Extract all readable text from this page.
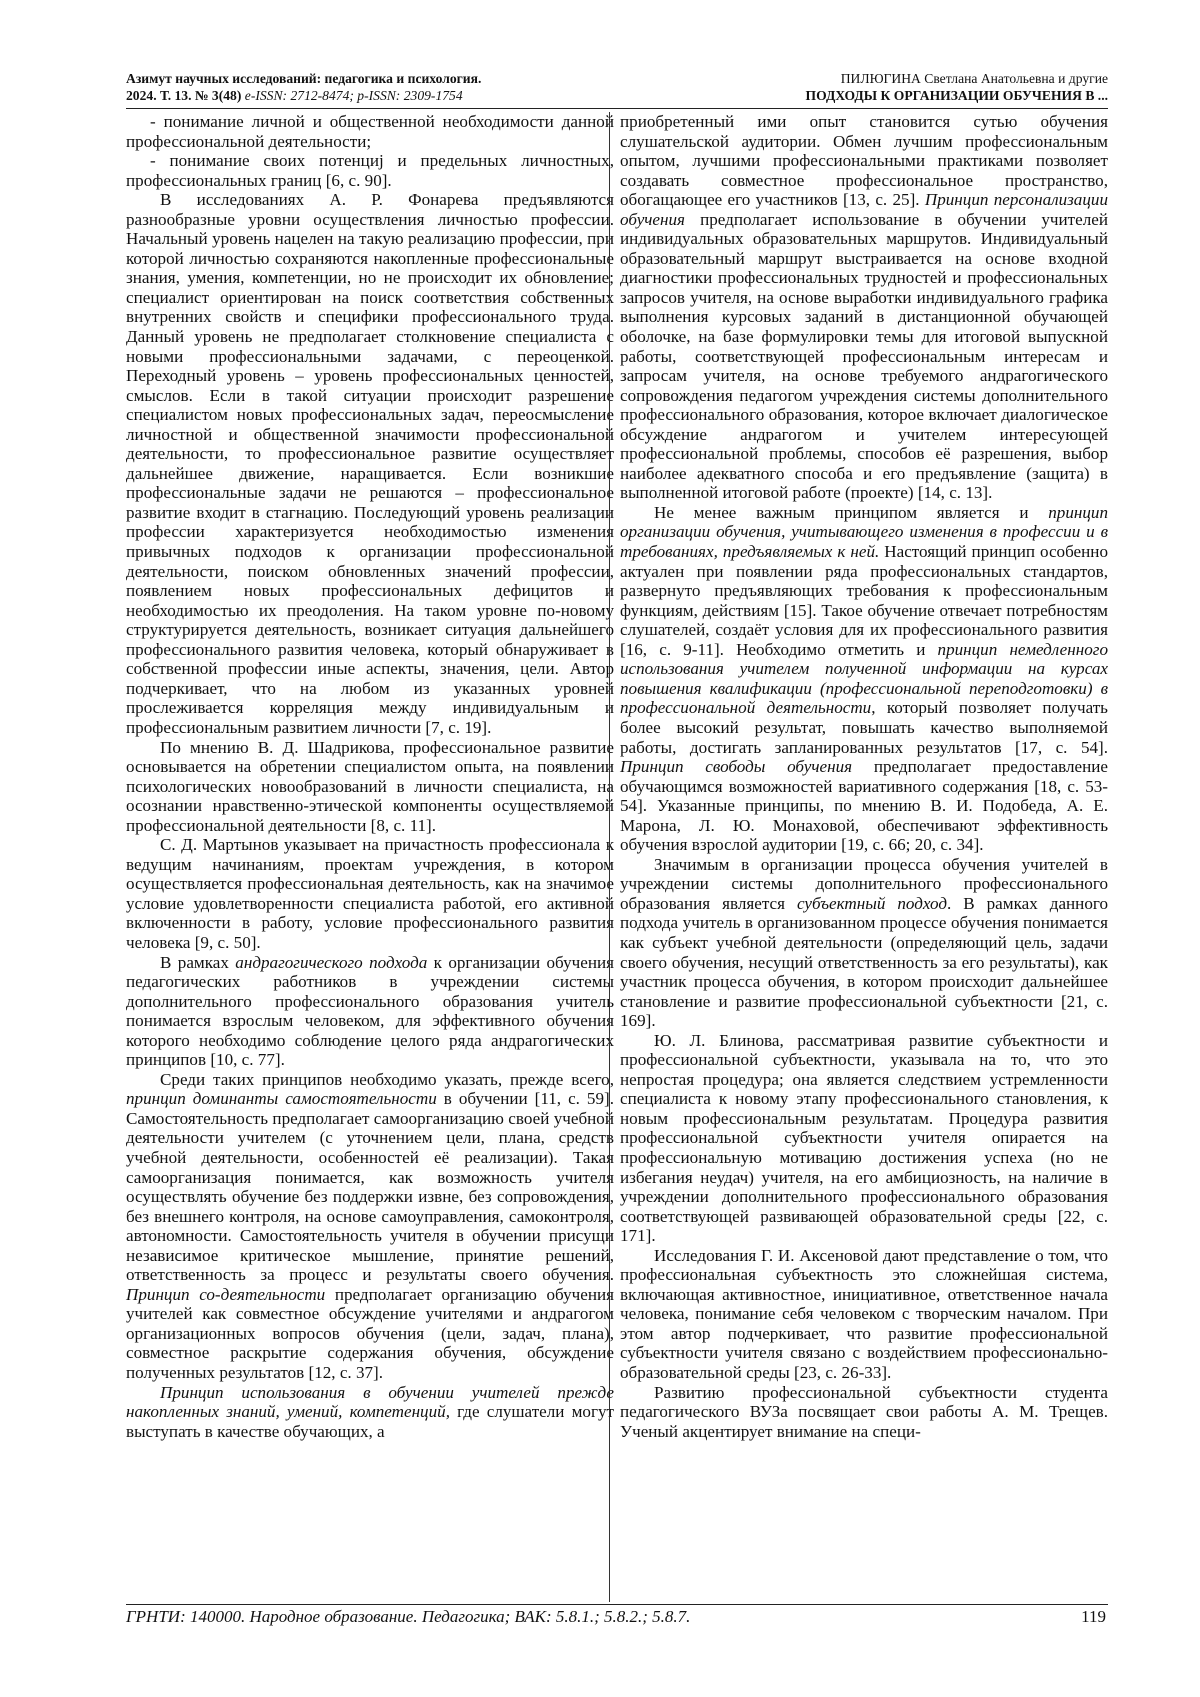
Азимут научных исследований: педагогика и психология.
2024. Т. 13. № 3(48) e-ISSN: 2712-8474; p-ISSN: 2309-1754
ПИЛЮГИНА Светлана Анатольевна и другие
ПОДХОДЫ К ОРГАНИЗАЦИИ ОБУЧЕНИЯ В ...

- понимание личной и общественной необходимости данной профессиональной деятельности;

- понимание своих потенциј и предельных личностных, профессиональных границ [6, с. 90].

В исследованиях А. Р. Фонарева предъявляются разнообразные уровни осуществления личностью профессии. Начальный уровень нацелен на такую реализацию профессии, при которой личностью сохраняются накопленные профессиональные знания, умения, компетенции, но не происходит их обновление; специалист ориентирован на поиск соответствия собственных внутренних свойств и специфики профессионального труда. Данный уровень не предполагает столкновение специалиста с новыми профессиональными задачами, с переоценкой. Переходный уровень – уровень профессиональных ценностей, смыслов. Если в такой ситуации происходит разрешение специалистом новых профессиональных задач, переосмысление личностной и общественной значимости профессиональной деятельности, то профессиональное развитие осуществляет дальнейшее движение, наращивается. Если возникшие профессиональные задачи не решаются – профессиональное развитие входит в стагнацию. Последующий уровень реализации профессии характеризуется необходимостью изменения привычных подходов к организации профессиональной деятельности, поиском обновленных значений профессии, появлением новых профессиональных дефицитов и необходимостью их преодоления. На таком уровне по-новому структурируется деятельность, возникает ситуация дальнейшего профессионального развития человека, который обнаруживает в собственной профессии иные аспекты, значения, цели. Автор подчеркивает, что на любом из указанных уровней прослеживается корреляция между индивидуальным и профессиональным развитием личности [7, с. 19].

По мнению В. Д. Шадрикова, профессиональное развитие основывается на обретении специалистом опыта, на появлении психологических новообразований в личности специалиста, на осознании нравственно-этической компоненты осуществляемой профессиональной деятельности [8, с. 11].

С. Д. Мартынов указывает на причастность профессионала к ведущим начинаниям, проектам учреждения, в котором осуществляется профессиональная деятельность, как на значимое условие удовлетворенности специалиста работой, его активной включенности в работу, условие профессионального развития человека [9, с. 50].

В рамках андрагогического подхода к организации обучения педагогических работников в учреждении системы дополнительного профессионального образования учитель понимается взрослым человеком, для эффективного обучения которого необходимо соблюдение целого ряда андрагогических принципов [10, с. 77].

Среди таких принципов необходимо указать, прежде всего, принцип доминанты самостоятельности в обучении [11, с. 59]. Самостоятельность предполагает самоорганизацию своей учебной деятельности учителем (с уточнением цели, плана, средств учебной деятельности, особенностей её реализации). Такая самоорганизация понимается, как возможность учителя осуществлять обучение без поддержки извне, без сопровождения, без внешнего контроля, на основе самоуправления, самоконтроля, автономности. Самостоятельность учителя в обучении присущи независимое критическое мышление, принятие решений, ответственность за процесс и результаты своего обучения. Принцип со-деятельности предполагает организацию обучения учителей как совместное обсуждение учителями и андрагогом организационных вопросов обучения (цели, задач, плана), совместное раскрытие содержания обучения, обсуждение полученных результатов [12, с. 37].

Принцип использования в обучении учителей прежде накопленных знаний, умений, компетенций, где слушатели могут выступать в качестве обучающих, а

приобретенный ими опыт становится сутью обучения слушательской аудитории. Обмен лучшим профессиональным опытом, лучшими профессиональными практиками позволяет создавать совместное профессиональное пространство, обогащающее его участников [13, с. 25]. Принцип персонализации обучения предполагает использование в обучении учителей индивидуальных образовательных маршрутов. Индивидуальный образовательный маршрут выстраивается на основе входной диагностики профессиональных трудностей и профессиональных запросов учителя, на основе выработки индивидуального графика выполнения курсовых заданий в дистанционной обучающей оболочке, на базе формулировки темы для итоговой выпускной работы, соответствующей профессиональным интересам и запросам учителя, на основе требуемого андрагогического сопровождения педагогом учреждения системы дополнительного профессионального образования, которое включает диалогическое обсуждение андрагогом и учителем интересующей профессиональной проблемы, способов её разрешения, выбор наиболее адекватного способа и его предъявление (защита) в выполненной итоговой работе (проекте) [14, с. 13].

Не менее важным принципом является и принцип организации обучения, учитывающего изменения в профессии и в требованиях, предъявляемых к ней. Настоящий принцип особенно актуален при появлении ряда профессиональных стандартов, развернуто предъявляющих требования к профессиональным функциям, действиям [15]. Такое обучение отвечает потребностям слушателей, создаёт условия для их профессионального развития [16, с. 9-11]. Необходимо отметить и принцип немедленного использования учителем полученной информации на курсах повышения квалификации (профессиональной переподготовки) в профессиональной деятельности, который позволяет получать более высокий результат, повышать качество выполняемой работы, достигать запланированных результатов [17, с. 54]. Принцип свободы обучения предполагает предоставление обучающимся возможностей вариативного содержания [18, с. 53-54]. Указанные принципы, по мнению В. И. Подобеда, А. Е. Марона, Л. Ю. Монаховой, обеспечивают эффективность обучения взрослой аудитории [19, с. 66; 20, с. 34].

Значимым в организации процесса обучения учителей в учреждении системы дополнительного профессионального образования является субъектный подход. В рамках данного подхода учитель в организованном процессе обучения понимается как субъект учебной деятельности (определяющий цель, задачи своего обучения, несущий ответственность за его результаты), как участник процесса обучения, в котором происходит дальнейшее становление и развитие профессиональной субъектности [21, с. 169].

Ю. Л. Блинова, рассматривая развитие субъектности и профессиональной субъектности, указывала на то, что это непростая процедура; она является следствием устремленности специалиста к новому этапу профессионального становления, к новым профессиональным результатам. Процедура развития профессиональной субъектности учителя опирается на профессиональную мотивацию достижения успеха (но не избегания неудач) учителя, на его амбициозность, на наличие в учреждении дополнительного профессионального образования соответствующей развивающей образовательной среды [22, с. 171].

Исследования Г. И. Аксеновой дают представление о том, что профессиональная субъектность это сложнейшая система, включающая активностное, инициативное, ответственное начала человека, понимание себя человеком с творческим началом. При этом автор подчеркивает, что развитие профессиональной субъектности учителя связано с воздействием профессионально-образовательной среды [23, с. 26-33].

Развитию профессиональной субъектности студента педагогического ВУЗа посвящает свои работы А. М. Трещев. Ученый акцентирует внимание на специ-

ГРНТИ: 140000. Народное образование. Педагогика; ВАК: 5.8.1.; 5.8.2.; 5.8.7.	119
